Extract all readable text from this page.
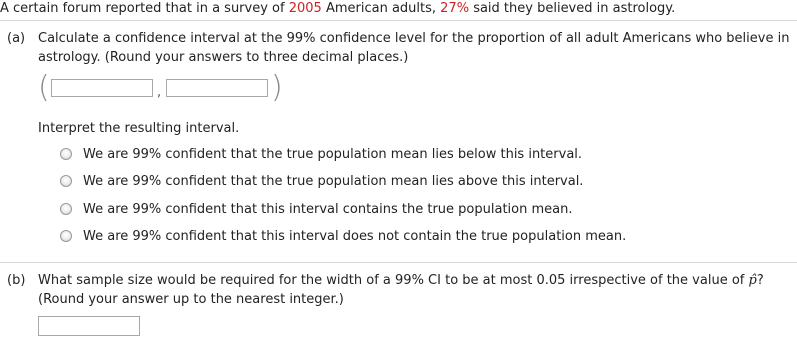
A certain forum reported that in a survey of 2005 American adults, 27% said they believed in astrology.
(a) Calculate a confidence interval at the 99% confidence level for the proportion of all adult Americans who believe in
astrology. (Round your answers to three decimal places.)
(	,	)
Interpret the resulting interval.
We are 99% confident that the true population mean lies below this interval.
We are 99% confident that the true population mean lies above this interval.
We are 99% confident that this interval contains the true population mean.
We are 99% confident that this interval does not contain the true population mean.
(b) What sample size would be required for the width of a 99% CI to be at most 0.05 irrespective of the value of p̂?
(Round your answer up to the nearest integer.)
